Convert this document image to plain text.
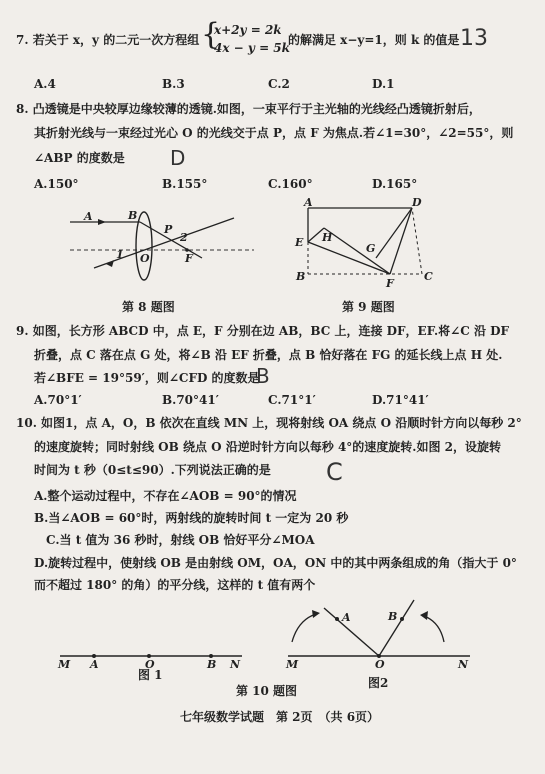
7. 若关于 x，y 的二元一次方程组 {
x+2y = 2k
4x − y = 5k
的解满足 x−y=1，则 k 的值是 13
A.4	B.3	C.2	D.1
8. 凸透镜是中央较厚边缘较薄的透镜.如图，一束平行于主光轴的光线经凸透镜折射后，
其折射光线与一束经过光心 O 的光线交于点 P，点 F 为焦点.若∠1=30°，∠2=55°，则
∠ABP 的度数是 D
A.150°	B.155°	C.160°	D.165°
A	B
P
O	F
1
2
第 8 题图
A	D
E H
G
B
F
C
第 9 题图
9. 如图，长方形 ABCD 中，点 E，F 分别在边 AB，BC 上，连接 DF，EF.将∠C 沿 DF
折叠，点 C 落在点 G 处，将∠B 沿 EF 折叠，点 B 恰好落在 FG 的延长线上点 H 处.
若∠BFE = 19°59′，则∠CFD 的度数是
B
A.70°1′	B.70°41′	C.71°1′	D.71°41′
10. 如图1，点 A，O，B 依次在直线 MN 上，现将射线 OA 绕点 O 沿顺时针方向以每秒 2°
的速度旋转；同时射线 OB 绕点 O 沿逆时针方向以每秒 4°的速度旋转.如图 2，设旋转
时间为 t 秒（0≤t≤90）.下列说法正确的是 C
A.整个运动过程中，不存在∠AOB = 90°的情况
B.当∠AOB = 60°时，两射线的旋转时间 t 一定为 20 秒
C.当 t 值为 36 秒时，射线 OB 恰好平分∠MOA
D.旋转过程中，使射线 OB 是由射线 OM，OA，ON 中的其中两条组成的角（指大于 0°
而不超过 180° 的角）的平分线，这样的 t 值有两个
M A	O	B N
图 1
A	B
M	O	N
图2
第 10 题图
七年级数学试题　第 2页　（共 6页）
